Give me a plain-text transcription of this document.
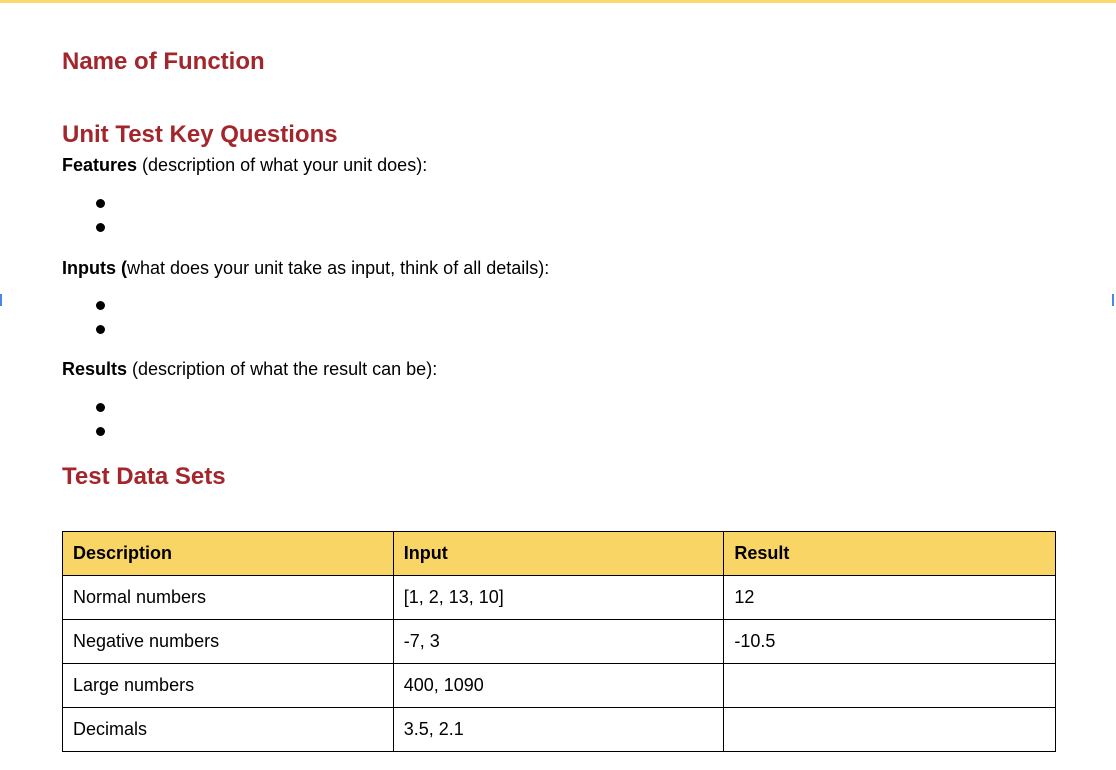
Name of Function
Unit Test Key Questions
Features (description of what your unit does):
Inputs (what does your unit take as input, think of all details):
Results (description of what the result can be):
Test Data Sets
Description	Input	Result
Normal numbers	[1, 2, 13, 10]	12
Negative numbers	-7, 3	-10.5
Large numbers	400, 1090	
Decimals	3.5, 2.1	
